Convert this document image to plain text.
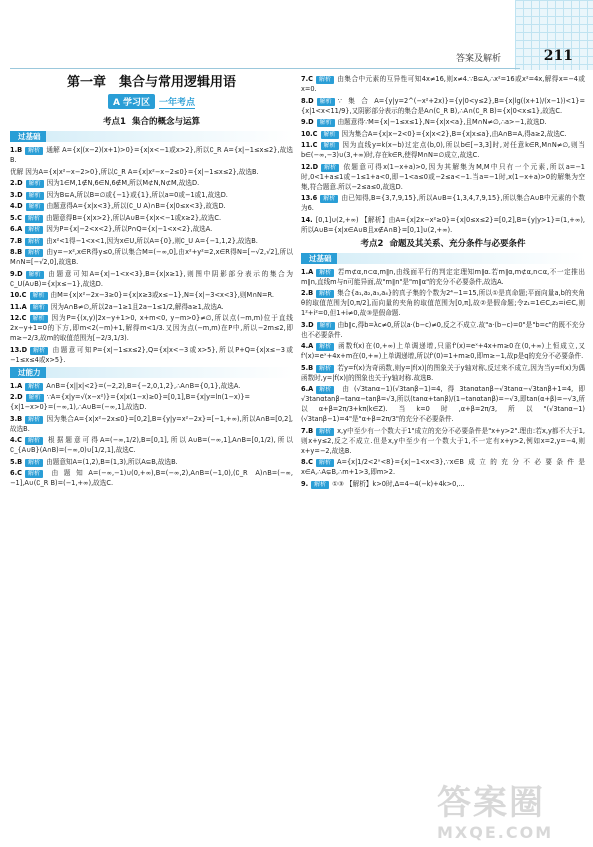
答案及解析	211
第一章　集合与常用逻辑用语
A 学习区	一年考点
考点1 集合的概念与运算
过基础
1.B 解析 通解 A={x|(x−2)(x+1)>0}={x|x<−1或x>2},所以∁_R A={x|−1≤x≤2},故选B.
优解 因为A={x|x²−x−2>0},所以∁_R A={x|x²−x−2≤0}={x|−1≤x≤2},故选B.
2.D 解析 因为1∈M,1∉N,6∈N,6∉M,所以M⊄N,N⊄M,故选D.
3.D 解析 因为B⊆A,所以B=∅或{−1}或{1},所以a=0或−1或1,故选D.
4.D 解析 由题意得A={x|x<3},所以(∁_U A)∩B={x|0≤x<3},故选D.
5.C 解析 由题意得B={x|x>2},所以A∪B={x|x<−1或x≥2},故选C.
6.A 解析 因为P={x|−2<x<2},所以P∩Q={x|−1<x<2},故选A.
7.B 解析 由x²<1得−1<x<1,因为x∈U,所以A={0},则∁_U A={−1,1,2},故选B.
8.B 解析 由y=−x²,x∈R得y≤0,所以集合M=(−∞,0],由x²+y²=2,x∈R得N=[−√2,√2],所以M∩N=[−√2,0],故选B.
9.D 解析 由题意可知A={x|−1<x<3},B={x|x≥1},则图中阴影部分表示的集合为∁_U(A∪B)={x|x≤−1},故选D.
10.C 解析 由M={x|x²−2x−3≥0}={x|x≥3或x≤−1},N={x|−3<x<3},则M∩N=R.
11.A 解析 因为A∩B≠∅,所以2a−1≥1且2a−1≤1/2,解得a≥1,故选A.
12.C 解析 因为P={(x,y)|2x−y+1>0, x+m<0, y−m>0}≠∅,所以点(−m,m)位于直线2x−y+1=0的下方,即m<2(−m)+1,解得m<1/3.又因为点(−m,m)在P中,所以−2m≤2,即m≥−2/3,故m的取值范围为[−2/3,1/3).
13.D 解析 由题意可知P={x|−1≤x≤2},Q={x|x<−3或x>5},所以P+Q={x|x≤−3或−1≤x≤4或x>5}.
过能力
1.A 解析 A∩B={x||x|<2}=(−2,2),B={−2,0,1,2},∴A∩B={0,1},故选A.
2.D 解析 ∵A={x|y=√(x−x²)}={x|x(1−x)≥0}=[0,1],B={x|y=ln(1−x)}={x|1−x>0}=(−∞,1),∴A∪B=(−∞,1],故选D.
3.B 解析 因为集合A={x|x²−2x≤0}=[0,2],B={y|y=x²−2x}=[−1,+∞),所以A∩B=[0,2],故选B.
4.C 解析 根据题意可得A=(−∞,1/2),B=[0,1],所以A∪B=(−∞,1],A∩B=[0,1/2),所以∁_{A∪B}(A∩B)=(−∞,0)∪[1/2,1],故选C.
5.B 解析 由题意知A=(1,2),B=(1,3),所以A⊆B,故选B.
6.C 解析 由题知A=(−∞,−1)∪(0,+∞),B=(−∞,2),A∩B=(−1,0),(∁_R A)∩B=(−∞,−1],A∪(∁_R B)=(−1,+∞),故选C.
7.C 解析 由集合中元素的互异性可知4x≠16,则x≠4.∵B⊆A,∴x²=16或x²=4x,解得x=−4或x=0.
8.D 解析 ∵集合A={y|y=2^(−x²+2x)}={y|0<y≤2},B={x|lg((x+1)/(x−1))<1}={x|1<x<11/9},又阴影部分表示的集合是A∩(∁_R B),∴A∩(∁_R B)={x|0<x≤1},故选C.
9.D 解析 由题意得∵M={x|−1≤x≤1},N={x|x<a},且M∩N≠∅,∴a>−1,故选D.
10.C 解析 因为集合A={x|x−2<0}={x|x<2},B={x|x≤a},由A∩B=A,得a≥2,故选C.
11.C 解析 因为直线y=k(x−b)过定点(b,0),所以b∈[−3,3]时,对任意k∈R,M∩N≠∅,则当b∈(−∞,−3)∪(3,+∞)时,存在k∈R,使得M∩N=∅成立,故选C.
12.D 解析 依题意可得x(1−x+a)>0,因为其解集为M,M中只有一个元素,所以a=−1时,0<1+a≤1或−1≤1+a<0,即−1<a≤0或−2≤a<−1.当a=−1时,x(1−x+a)>0的解集为空集,符合题意.所以−2≤a≤0,故选D.
13.6 解析 由已知得,B={3,7,9,15},所以A∪B={1,3,4,7,9,15},所以集合A∪B中元素的个数为6.
14. [0,1]∪(2,+∞) 【解析】由A={x|2x−x²≥0}={x|0≤x≤2}=[0,2],B={y|y>1}=(1,+∞),所以A∪B={x|x∈A∪B且x∉A∩B}=[0,1]∪(2,+∞).
考点2 命题及其关系、充分条件与必要条件
过基础
1.A 解析 若m⊄α,n⊂α,m∥n,由线面平行的判定定理知m∥α.若m∥α,m⊄α,n⊂α,不一定推出m∥n,直线m与n可能异面,故"m∥n"是"m∥α"的充分不必要条件,故选A.
2.B 解析 集合{a₁,a₂,a₃,a₄}的真子集的个数为2⁴−1=15,所以①是真命题;平面向量a,b的夹角θ的取值范围为[0,π/2],而向量的夹角的取值范围为[0,π],故②是假命题;令z₁=1∈C,z₂=i∈C,则1²+i²=0,但1+i≠0,故③是假命题.
3.D 解析 由b∥c,得b=λc≠0,所以a·(b−c)≠0,反之不成立.故"a·(b−c)=0"是"b=c"的既不充分也不必要条件.
4.A 解析 函数f(x)在(0,+∞)上单调递增,只需f'(x)=eˣ+4x+m≥0在(0,+∞)上恒成立,又f'(x)=eˣ+4x+m在(0,+∞)上单调递增,所以f'(0)=1+m≥0,即m≥−1,故p是q的充分不必要条件.
5.B 解析 若y=f(x)为奇函数,则y=|f(x)|的图象关于y轴对称,反过来不成立,因为当y=f(x)为偶函数时,y=|f(x)|的图象也关于y轴对称.故选B.
6.A 解析 由(√3tanα−1)(√3tanβ−1)=4,得3tanαtanβ−√3tanα−√3tanβ+1=4,即√3tanαtanβ−tanα−tanβ=√3,所以(tanα+tanβ)/(1−tanαtanβ)=−√3,即tan(α+β)=−√3,所以α+β=2π/3+kπ(k∈Z).当k=0时,α+β=2π/3,所以"(√3tanα−1)(√3tanβ−1)=4"是"α+β=2π/3"的充分不必要条件.
7.B 解析 x,y中至少有一个数大于1"成立的充分不必要条件是"x+y>2".理由:若x,y都不大于1,则x+y≤2,反之不成立.但是x,y中至少有一个数大于1,不一定有x+y>2,例如x=2,y=−4,则x+y=−2,故选B.
8.C 解析 A={x|1/2<2ˣ<8}={x|−1<x<3},∵x∈B成立的充分不必要条件是x∈A,∴A⊊B,∴m+1>3,即m>2.
9. 解析 ①③ 【解析】k>0时,Δ=4−4(−k)+4k>0,...
答案圈
MXQE.COM
